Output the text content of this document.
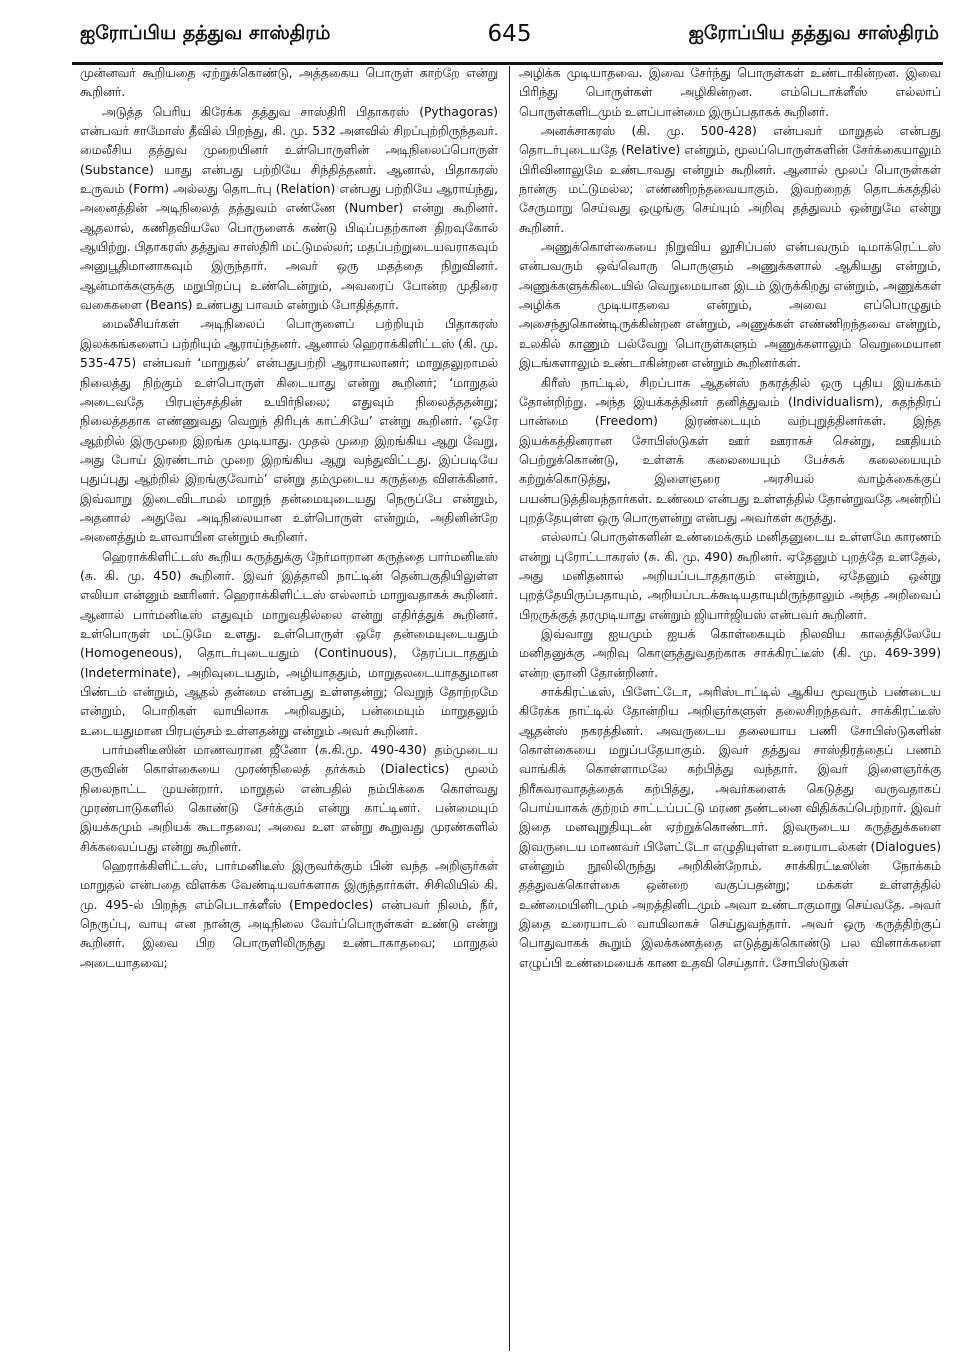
ஐரோப்பிய தத்துவ சாஸ்திரம்	645	ஐரோப்பிய தத்துவ சாஸ்திரம்

முன்னவர் கூறியதை ஏற்றுக்கொண்டு, அத்தகைய பொருள் காற்றே என்று கூறினர்.

அடுத்த பெரிய கிரேக்க தத்துவ சாஸ்திரி பிதாகரஸ் (Pythagoras) என்பவர் சாமோஸ் தீவில் பிறந்து, கி. மு. 532 அளவில் சிறப்புற்றிருந்தவர். மைலீசிய தத்துவ முறையினர் உள்பொருளின் அடிநிலைப்பொருள் (Substance) யாது என்பது பற்றியே சிந்தித்தனர். ஆனால், பிதாகரஸ் உருவம் (Form) அல்லது தொடர்பு (Relation) என்பது பற்றியே ஆராய்ந்து, அனைத்தின் அடிநிலைத் தத்துவம் எண்ணே (Number) என்று கூறினர். ஆதலால், கணிதவியலே பொருளைக் கண்டு பிடிப்பதற்கான திறவுகோல் ஆயிற்று. பிதாகரஸ் தத்துவ சாஸ்திரி மட்டுமல்லர்; மதப்பற்றுடையவராகவும் அனுபூதிமானாகவும் இருந்தார். அவர் ஒரு மதத்தை நிறுவினர். ஆன்மாக்களுக்கு மறுபிறப்பு உண்டென்றும், அவரைப் போன்ற முதிரை வகைகளை (Beans) உண்பது பாவம் என்றும் போதித்தார்.

மைலீசியர்கள் அடிநிலைப் பொருளைப் பற்றியும் பிதாகரஸ் இலக்கங்களைப் பற்றியும் ஆராய்ந்தனர். ஆனால் ஹெராக்கிளிட்டஸ் (கி. மு. 535-475) என்பவர் ‘மாறுதல்’ என்பதுபற்றி ஆராயலானர்; மாறுதலுறாமல் நிலைத்து நிற்கும் உள்பொருள் கிடையாது என்று கூறினர்; ‘மாறுதல் அடைவதே பிரபஞ்சத்தின் உயிர்நிலை; எதுவும் நிலைத்ததன்று; நிலைத்ததாக எண்ணுவது வெறுந் திரிபுக் காட்சியே’ என்று கூறினர். ‘ஒரே ஆற்றில் இருமுறை இறங்க முடியாது. முதல் முறை இறங்கிய ஆறு வேறு, அது போய் இரண்டாம் முறை இறங்கிய ஆறு வந்துவிட்டது. இப்படியே புதுப்புது ஆற்றில் இறங்குவோம்’ என்று தம்முடைய கருத்தை விளக்கினர். இவ்வாறு இடைவிடாமல் மாறுந் தன்மையுடையது நெருப்பே என்றும், அதனால் அதுவே அடிநிலையான உள்பொருள் என்றும், அதினின்றே அனைத்தும் உளவாயின என்றும் கூறினர்.

ஹெராக்கிளிட்டஸ் கூறிய கருத்துக்கு நேர்மாறான கருத்தை பார்மனிடீஸ் (சு. கி. மு. 450) கூறினர். இவர் இத்தாலி நாட்டின் தென்பகுதியிலுள்ள எலியா என்னும் ஊரினர். ஹெராக்கிளிட்டஸ் எல்லாம் மாறுவதாகக் கூறினர். ஆனால் பார்மனிடீஸ் எதுவும் மாறுவதில்லை என்று எதிர்த்துக் கூறினர். உள்பொருள் மட்டுமே உளது. உள்பொருள் ஒரே தன்மையுடையதும் (Homogeneous), தொடர்புடையதும் (Continuous), தேரப்படாததும் (Indeterminate), அறிவுடையதும், அழியாததும், மாறுதலடையாததுமான பிண்டம் என்றும், ஆதல் தன்மை என்பது உள்ளதன்று; வெறுந் தோற்றமே என்றும், பொறிகள் வாயிலாக அறிவதும், பன்மையும் மாறுதலும் உடையதுமான பிரபஞ்சம் உள்ளதன்று என்றும் அவர் கூறினர்.

பார்மனிடீஸின் மாணவரான ஜீனோ (சு.கி.மு. 490-430) தம்முடைய குருவின் கொள்கையை முரண்நிலைத் தர்க்கம் (Dialectics) மூலம் நிலைநாட்ட முயன்றார். மாறுதல் என்பதில் நம்பிக்கை கொள்வது முரண்பாடுகளில் கொண்டு சேர்க்கும் என்று காட்டினர். பன்மையும் இயக்கமும் அறியக் கூடாதவை; அவை உள என்று கூறுவது முரண்களில் சிக்கவைப்பது என்று கூறினர்.

ஹெராக்கிளிட்டஸ், பார்மனிடீஸ் இருவர்க்கும் பின் வந்த அறிஞர்கள் மாறுதல் என்பதை விளக்க வேண்டியவர்களாக இருந்தார்கள். சிசிலியில் கி. மு. 495-ல் பிறந்த எம்பெடாக்ளீஸ் (Empedocles) என்பவர் நிலம், நீர், நெருப்பு, வாயு என நான்கு அடிநிலை வேர்ப்பொருள்கள் உண்டு என்று கூறினர். இவை பிற பொருளிலிருந்து உண்டாகாதவை; மாறுதல் அடையாதவை;

அழிக்க முடியாதவை. இவை சேர்ந்து பொருள்கள் உண்டாகின்றன. இவை பிரிந்து பொருள்கள் அழிகின்றன. எம்பெடாக்ளீஸ் எல்லாப் பொருள்களிடமும் உளப்பான்மை இருப்பதாகக் கூறினர்.

அனக்சாகரஸ் (கி. மு. 500-428) என்பவர் மாறுதல் என்பது தொடர்புடையதே (Relative) என்றும், மூலப்பொருள்களின் சேர்க்கையாலும் பிரிவினாலுமே உண்டாவது என்றும் கூறினர். ஆனால் மூலப் பொருள்கள் நான்கு மட்டுமல்ல; எண்ணிறந்தவையாகும். இவற்றைத் தொடக்கத்தில் சேருமாறு செய்வது ஒழுங்கு செய்யும் அறிவு தத்துவம் ஒன்றுமே என்று கூறினர்.

அணுக்கொள்கையை நிறுவிய லூசிப்பஸ் என்பவரும் டிமாக்ரெட்டஸ் என்பவரும் ஒவ்வொரு பொருளும் அணுக்களால் ஆகியது என்றும், அணுக்களுக்கிடையில் வெறுமையான இடம் இருக்கிறது என்றும், அணுக்கள் அழிக்க முடியாதவை என்றும், அவை எப்பொழுதும் அசைந்துகொண்டிருக்கின்றன என்றும், அணுக்கள் எண்ணிறந்தவை என்றும், உலகில் காணும் பல்வேறு பொருள்களும் அணுக்களாலும் வெறுமையான இடங்களாலும் உண்டாகின்றன என்றும் கூறினர்கள்.

கிரீஸ் நாட்டில், சிறப்பாக ஆதன்ஸ் நகரத்தில் ஒரு புதிய இயக்கம் தோன்றிற்று. அந்த இயக்கத்தினர் தனித்துவம் (Individualism), சுதந்திரப் பான்மை (Freedom) இரண்டையும் வற்புறுத்தினர்கள். இந்த இயக்கத்தினரான சோபிஸ்டுகள் ஊர் ஊராகச் சென்று, ஊதியம் பெற்றுக்கொண்டு, உள்ளக் கலையையும் பேச்சுக் கலையையும் கற்றுக்கொடுத்து, இளைஞரை அரசியல் வாழ்க்கைக்குப் பயன்படுத்திவந்தார்கள். உண்மை என்பது உள்ளத்தில் தோன்றுவதே அன்றிப் புறத்தேயுள்ள ஒரு பொருளன்று என்பது அவர்கள் கருத்து.

எல்லாப் பொருள்களின் உண்மைக்கும் மனிதனுடைய உள்ளமே காரணம் என்று புரோட்டாகரஸ் (சு. கி. மு. 490) கூறினர். ஏதேனும் புறத்தே உளதேல், அது மனிதனால் அறியப்படாததாகும் என்றும், ஏதேனும் ஒன்று புறத்தேயிருப்பதாயும், அறியப்படக்கூடியதாயுமிருந்தாலும் அந்த அறிவைப் பிறருக்குத் தரமுடியாது என்றும் ஜியார்ஜியஸ் என்பவர் கூறினர்.

இவ்வாறு ஐயமும் ஐயக் கொள்கையும் நிலவிய காலத்திலேயே மனிதனுக்கு அறிவு கொளுத்துவதற்காக சாக்கிரட்டீஸ் (கி. மு. 469-399) என்ற ஞானி தோன்றினர்.

சாக்கிரட்டீஸ், பிளேட்டோ, அரிஸ்டாட்டில் ஆகிய மூவரும் பண்டைய கிரேக்க நாட்டில் தோன்றிய அறிஞர்களுள் தலைசிறந்தவர். சாக்கிரட்டீஸ் ஆதன்ஸ் நகரத்தினர். அவருடைய தலையாய பணி சோபிஸ்டுகளின் கொள்கையை மறுப்பதேயாகும். இவர் தத்துவ சாஸ்திரத்தைப் பணம் வாங்கிக் கொள்ளாமலே கற்பித்து வந்தார். இவர் இளைஞர்க்கு நிரீசுவரவாதத்தைக் கற்பித்து, அவர்களைக் கெடுத்து வருவதாகப் பொய்யாகக் குற்றம் சாட்டப்பட்டு மரண தண்டனை விதிக்கப்பெற்றார். இவர் இதை மனவுறுதியுடன் ஏற்றுக்கொண்டார். இவருடைய கருத்துக்களை இவருடைய மாணவர் பிளேட்டோ எழுதியுள்ள உரையாடல்கள் (Dialogues) என்னும் நூலிலிருந்து அறிகின்றோம். சாக்கிரட்டீஸின் நோக்கம் தத்துவக்கொள்கை ஒன்றை வகுப்பதன்று; மக்கள் உள்ளத்தில் உண்மையினிடமும் அறத்தினிடமும் அவா உண்டாகுமாறு செய்வதே. அவர் இதை உரையாடல் வாயிலாகச் செய்துவந்தார். அவர் ஒரு கருத்திற்குப் பொதுவாகக் கூறும் இலக்கணத்தை எடுத்துக்கொண்டு பல வினாக்களை எழுப்பி உண்மையைக் காண உதவி செய்தார். சோபிஸ்டுகள்
